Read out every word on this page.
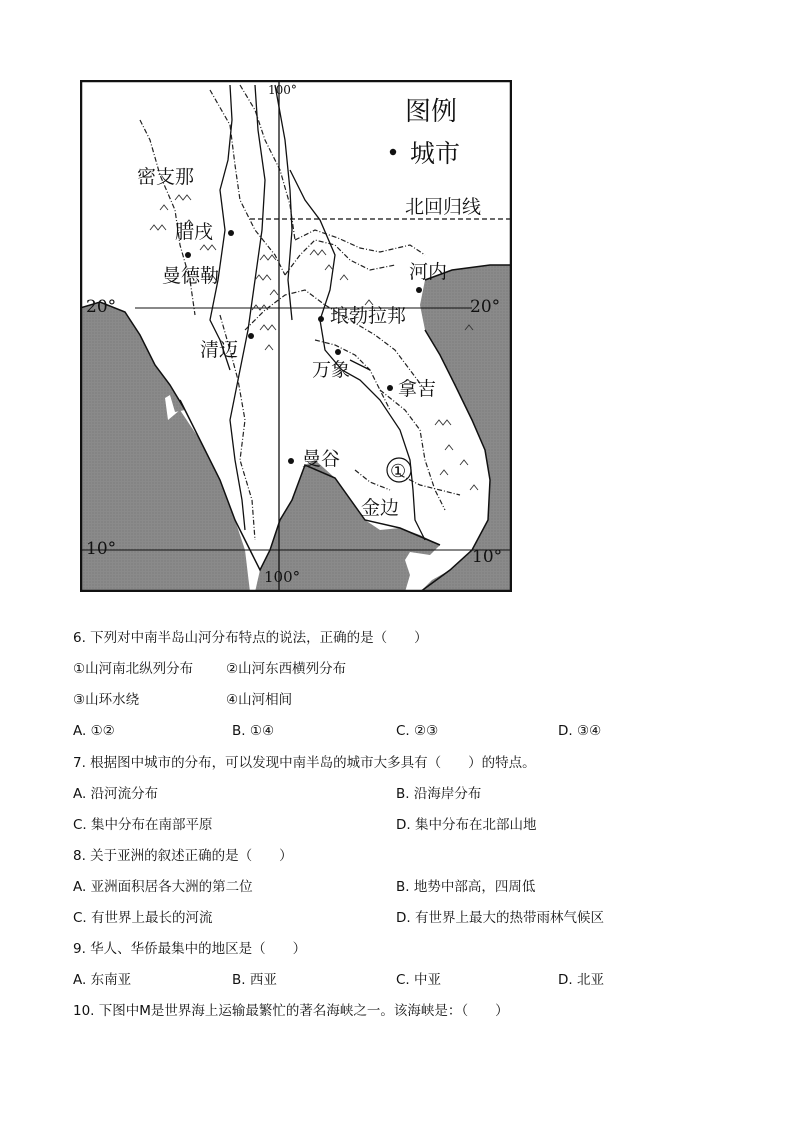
图例
城市
北回归线
100°
100°
20°	20°
10°	10°
密支那
腊戌
曼德勒	河内
琅勃拉邦
清迈
万象
拿吉
曼谷
金边
①
6. 下列对中南半岛山河分布特点的说法，正确的是（　　）
①山河南北纵列分布 ②山河东西横列分布
③山环水绕	④山河相间
A. ①②	B. ①④	C. ②③	D. ③④
7. 根据图中城市的分布，可以发现中南半岛的城市大多具有（　　）的特点。
A. 沿河流分布	B. 沿海岸分布
C. 集中分布在南部平原	D. 集中分布在北部山地
8. 关于亚洲的叙述正确的是（　　）
A. 亚洲面积居各大洲的第二位	B. 地势中部高，四周低
C. 有世界上最长的河流	D. 有世界上最大的热带雨林气候区
9. 华人、华侨最集中的地区是（　　）
A. 东南亚	B. 西亚	C. 中亚	D. 北亚
10. 下图中M是世界海上运输最繁忙的著名海峡之一。该海峡是：（　　）
